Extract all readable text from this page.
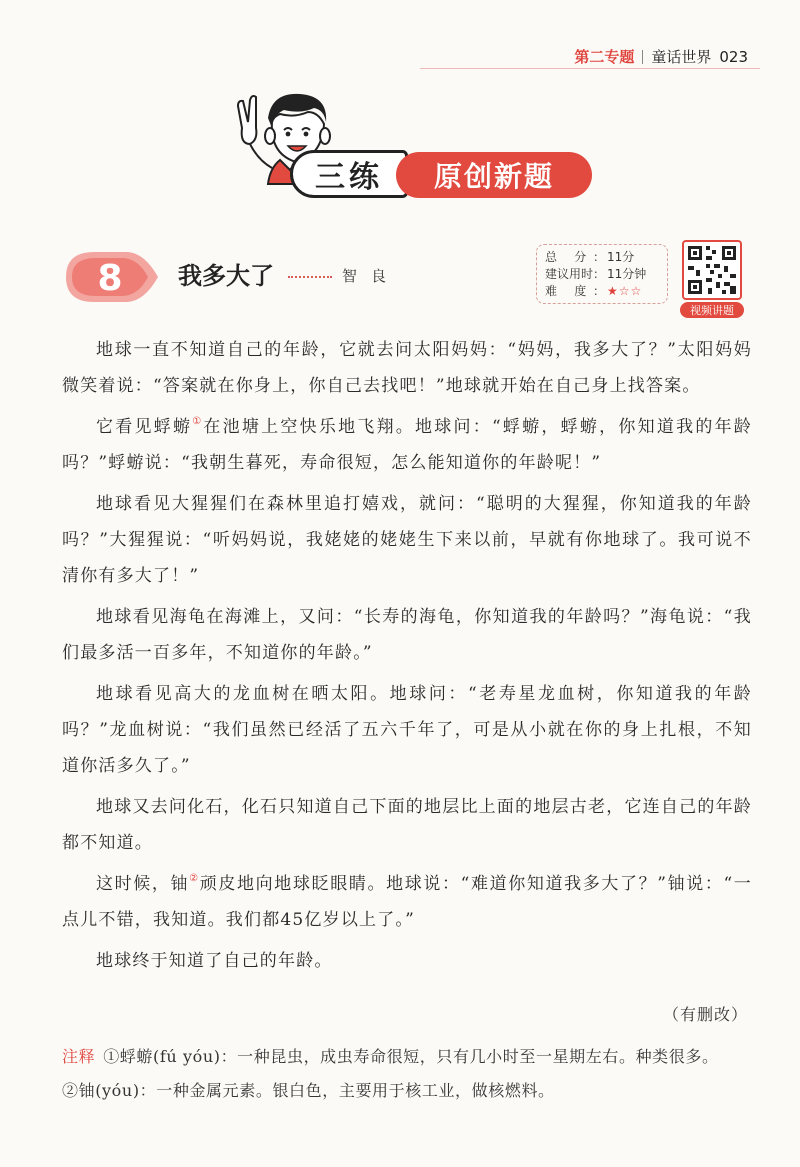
第二专题 童话世界 023
三练	原创新题
8 我多大了	智良
总 分： 11分
建议用时： 11分钟
难 度： ★☆☆
视频讲题

地球一直不知道自己的年龄，它就去问太阳妈妈：“妈妈，我多大了？”太阳妈妈微笑着说：“答案就在你身上，你自己去找吧！”地球就开始在自己身上找答案。

它看见蜉蝣①在池塘上空快乐地飞翔。地球问：“蜉蝣，蜉蝣，你知道我的年龄吗？”蜉蝣说：“我朝生暮死，寿命很短，怎么能知道你的年龄呢！”

地球看见大猩猩们在森林里追打嬉戏，就问：“聪明的大猩猩，你知道我的年龄吗？”大猩猩说：“听妈妈说，我姥姥的姥姥生下来以前，早就有你地球了。我可说不清你有多大了！”

地球看见海龟在海滩上，又问：“长寿的海龟，你知道我的年龄吗？”海龟说：“我们最多活一百多年，不知道你的年龄。”

地球看见高大的龙血树在晒太阳。地球问：“老寿星龙血树，你知道我的年龄吗？”龙血树说：“我们虽然已经活了五六千年了，可是从小就在你的身上扎根，不知道你活多久了。”

地球又去问化石，化石只知道自己下面的地层比上面的地层古老，它连自己的年龄都不知道。

这时候，铀②顽皮地向地球眨眼睛。地球说：“难道你知道我多大了？”铀说：“一点儿不错，我知道。我们都45亿岁以上了。”

地球终于知道了自己的年龄。

（有删改）
注释 ①蜉蝣(fú yóu)：一种昆虫，成虫寿命很短，只有几小时至一星期左右。种类很多。
②铀(yóu)：一种金属元素。银白色，主要用于核工业，做核燃料。
